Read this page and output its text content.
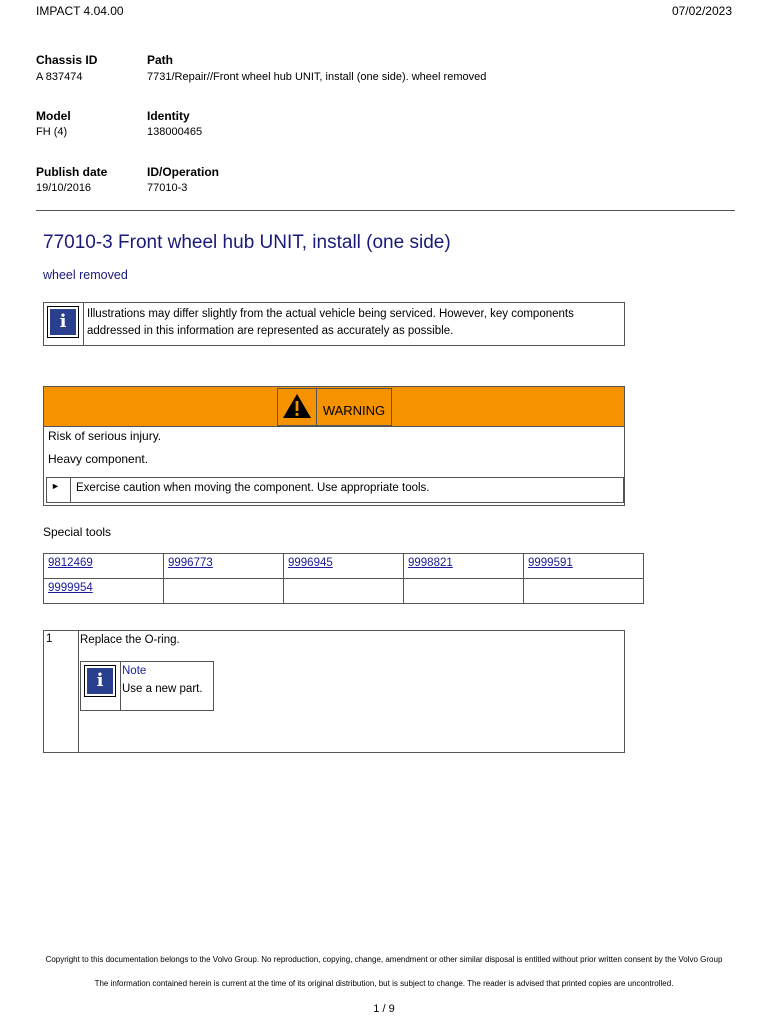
IMPACT 4.04.00	07/02/2023
Chassis ID
A 837474
Path
7731/Repair//Front wheel hub UNIT, install (one side). wheel removed
Model
FH (4)
Identity
138000465
Publish date
19/10/2016
ID/Operation
77010-3
77010-3 Front wheel hub UNIT, install (one side)
wheel removed
i	Illustrations may differ slightly from the actual vehicle being serviced. However, key components addressed in this information are represented as accurately as possible.
WARNING
Risk of serious injury.
Heavy component.
► Exercise caution when moving the component. Use appropriate tools.
Special tools
9812469	9996773	9996945	9998821	9999591
9999954				
1 Replace the O-ring.
i	Note
Use a new part.
Copyright to this documentation belongs to the Volvo Group. No reproduction, copying, change, amendment or other similar disposal is entitled without prior written consent by the Volvo Group
The information contained herein is current at the time of its original distribution, but is subject to change. The reader is advised that printed copies are uncontrolled.
1 / 9
